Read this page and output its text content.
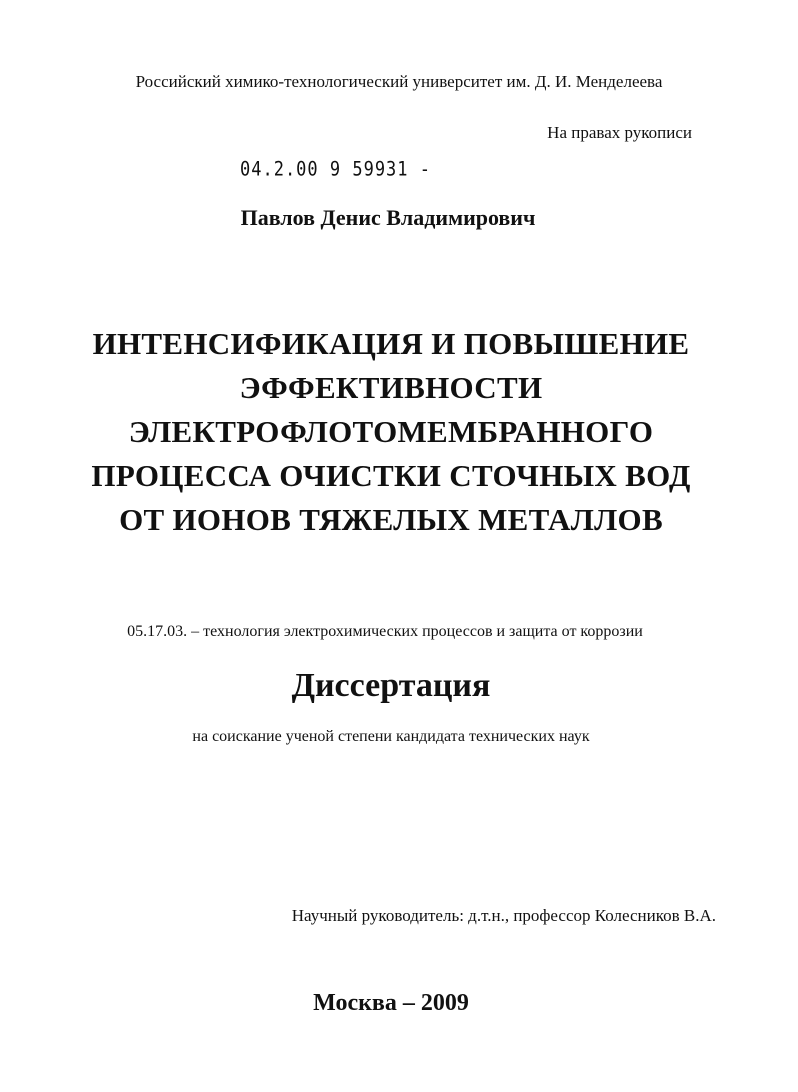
Российский химико-технологический университет им. Д. И. Менделеева
На правах рукописи
04.2.00 9 59931 -
Павлов Денис Владимирович
ИНТЕНСИФИКАЦИЯ И ПОВЫШЕНИЕ
ЭФФЕКТИВНОСТИ
ЭЛЕКТРОФЛОТОМЕМБРАННОГО
ПРОЦЕССА ОЧИСТКИ СТОЧНЫХ ВОД
ОТ ИОНОВ ТЯЖЕЛЫХ МЕТАЛЛОВ
05.17.03. – технология электрохимических процессов и защита от коррозии
Диссертация
на соискание ученой степени кандидата технических наук
Научный руководитель: д.т.н., профессор Колесников В.А.
Москва – 2009
